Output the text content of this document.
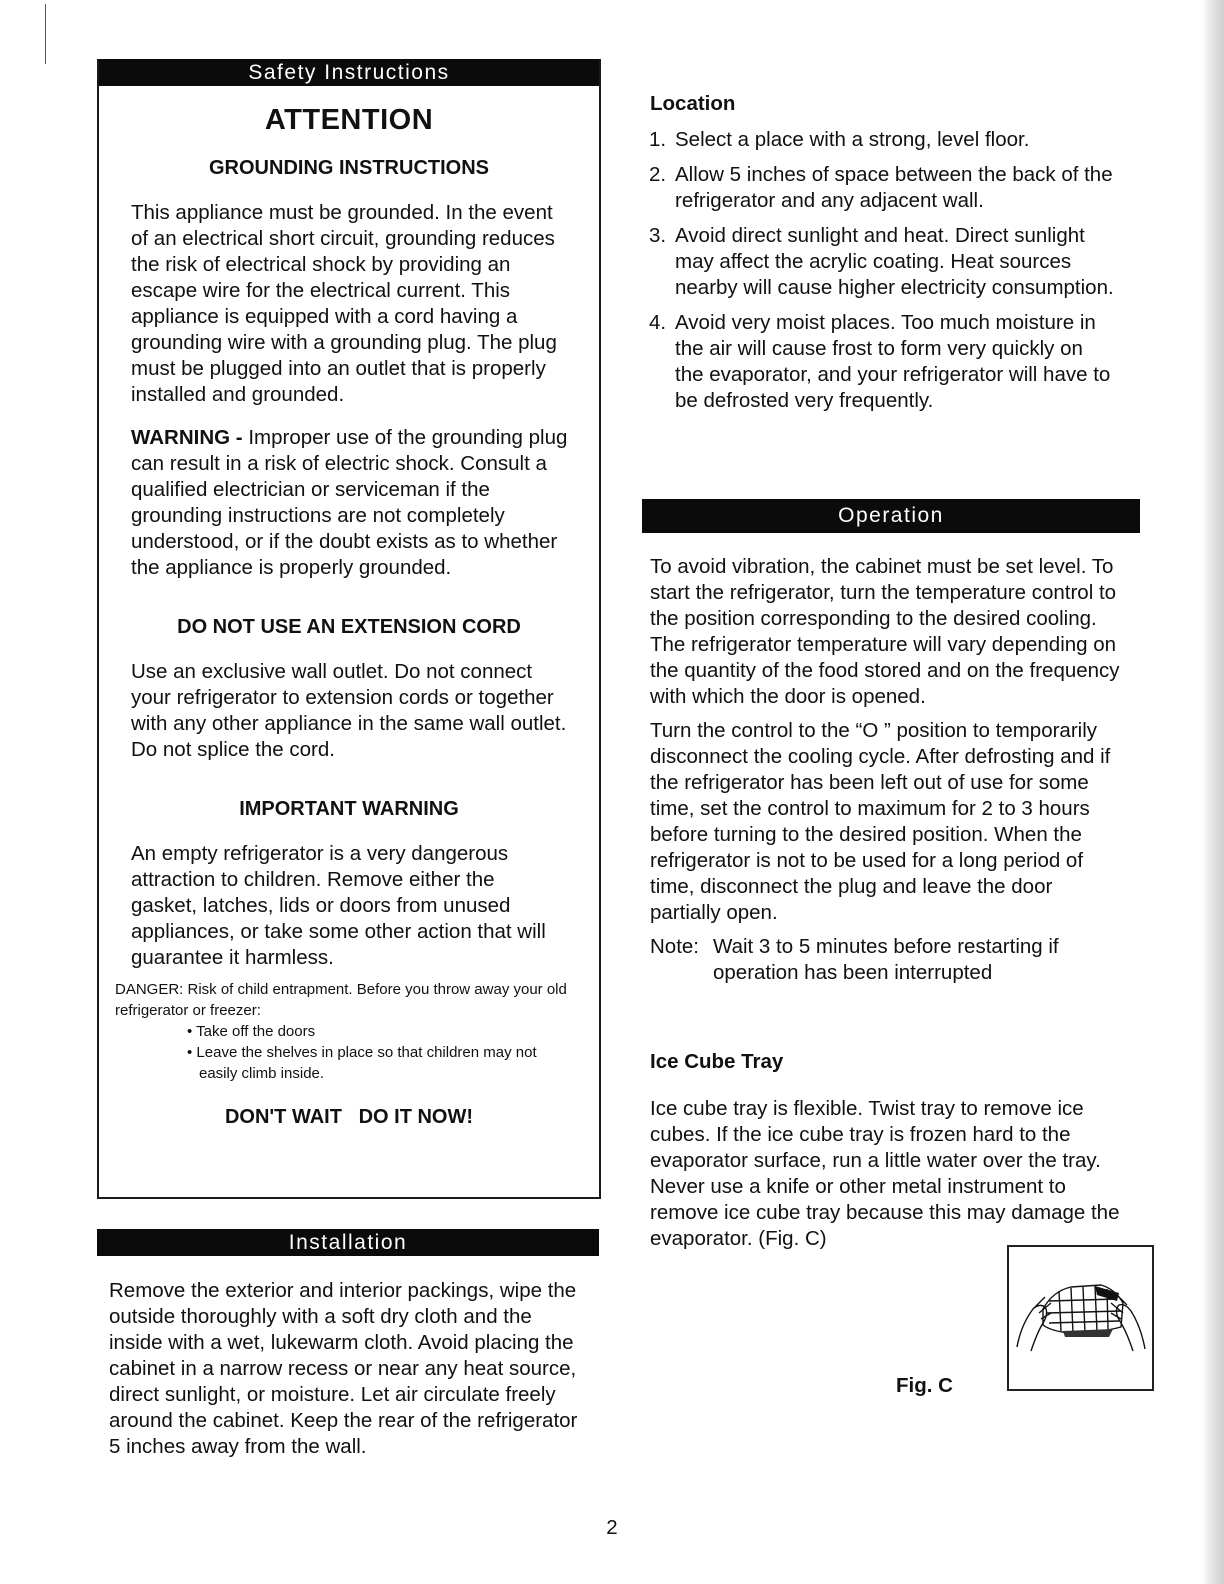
Safety Instructions
ATTENTION
GROUNDING INSTRUCTIONS

This appliance must be grounded. In the event of an electrical short circuit, grounding reduces the risk of electrical shock by providing an escape wire for the electrical current. This appliance is equipped with a cord having a grounding wire with a grounding plug. The plug must be plugged into an outlet that is properly installed and grounded.

WARNING - Improper use of the grounding plug can result in a risk of electric shock. Consult a qualified electrician or serviceman if the grounding instructions are not completely understood, or if the doubt exists as to whether the appliance is properly grounded.

DO NOT USE AN EXTENSION CORD

Use an exclusive wall outlet. Do not connect your refrigerator to extension cords or together with any other appliance in the same wall outlet. Do not splice the cord.

IMPORTANT WARNING

An empty refrigerator is a very dangerous attraction to children. Remove either the gasket, latches, lids or doors from unused appliances, or take some other action that will guarantee it harmless.

DANGER: Risk of child entrapment. Before you throw away your old refrigerator or freezer:

• Take off the doors
• Leave the shelves in place so that children may not easily climb inside.
DON'T WAIT   DO IT NOW!
Installation

Remove the exterior and interior packings, wipe the outside thoroughly with a soft dry cloth and the inside with a wet, lukewarm cloth. Avoid placing the cabinet in a narrow recess or near any heat source, direct sunlight, or moisture. Let air circulate freely around the cabinet. Keep the rear of the refrigerator 5 inches away from the wall.

Location
1. Select a place with a strong, level floor.
2. Allow 5 inches of space between the back of the refrigerator and any adjacent wall.
3. Avoid direct sunlight and heat. Direct sunlight may affect the acrylic coating. Heat sources nearby will cause higher electricity consumption.
4. Avoid very moist places. Too much moisture in the air will cause frost to form very quickly on the evaporator, and your refrigerator will have to be defrosted very frequently.
Operation

To avoid vibration, the cabinet must be set level. To start the refrigerator, turn the temperature control to the position corresponding to the desired cooling. The refrigerator temperature will vary depending on the quantity of the food stored and on the frequency with which the door is opened.

Turn the control to the “O ” position to temporarily disconnect the cooling cycle. After defrosting and if the refrigerator has been left out of use for some time, set the control to maximum for 2 to 3 hours before turning to the desired position. When the refrigerator is not to be used for a long period of time, disconnect the plug and leave the door partially open.

Note: Wait 3 to 5 minutes before restarting if operation has been interrupted

Ice Cube Tray

Ice cube tray is flexible. Twist tray to remove ice cubes. If the ice cube tray is frozen hard to the evaporator surface, run a little water over the tray. Never use a knife or other metal instrument to remove ice cube tray because this may damage the evaporator. (Fig. C)

Fig. C
2
